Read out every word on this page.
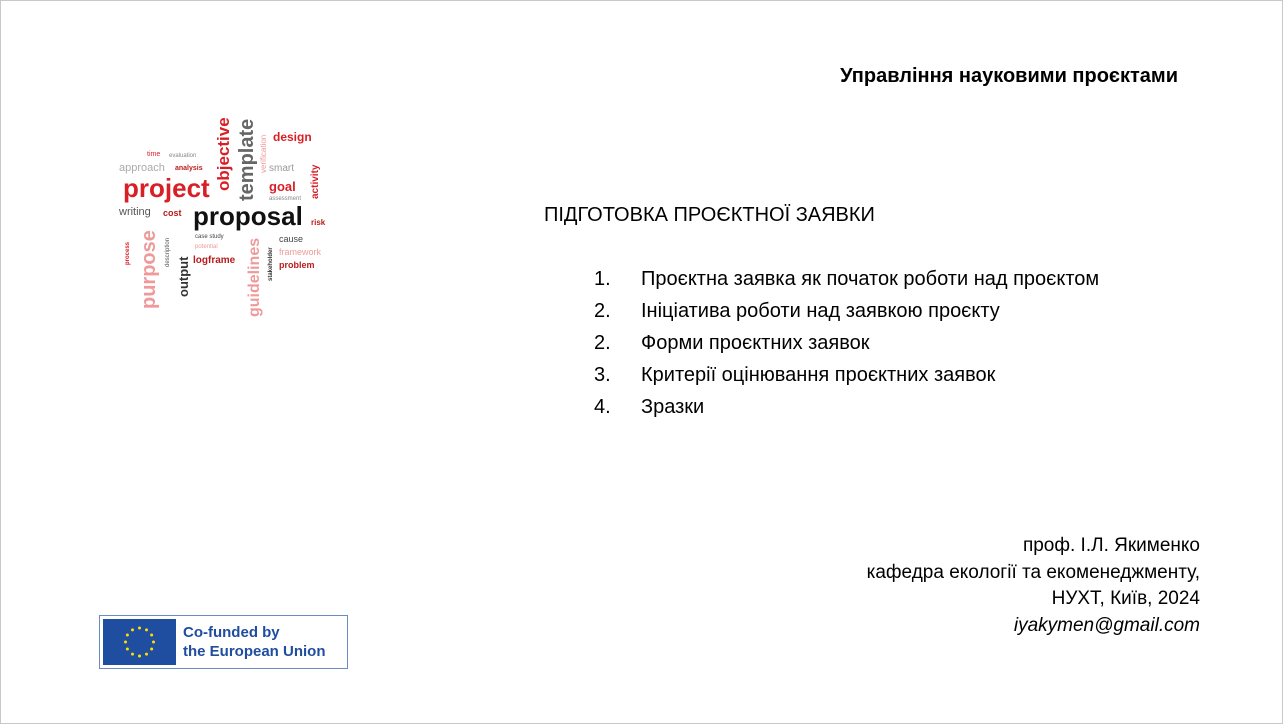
Управління науковими проєктами
project
proposal
template
objective
purpose	guidelines
design
approach
writing
goal
smart activity
output logframe	problem
framework
cause
risk
time evaluation
analysis	verification
cost
case study
process	description
assessment
potential
stakeholder
ПІДГОТОВКА ПРОЄКТНОЇ ЗАЯВКИ
1.	Проєктна заявка як початок роботи над проєктом
2.	Ініціатива роботи над заявкою проєкту
2.	Форми проєктних заявок
3.	Критерії оцінювання проєктних заявок
4.	Зразки
проф. І.Л. Якименко
кафедра екології та екоменеджменту,
НУХТ, Київ, 2024
iyakymen@gmail.com
Co-funded by
the European Union
